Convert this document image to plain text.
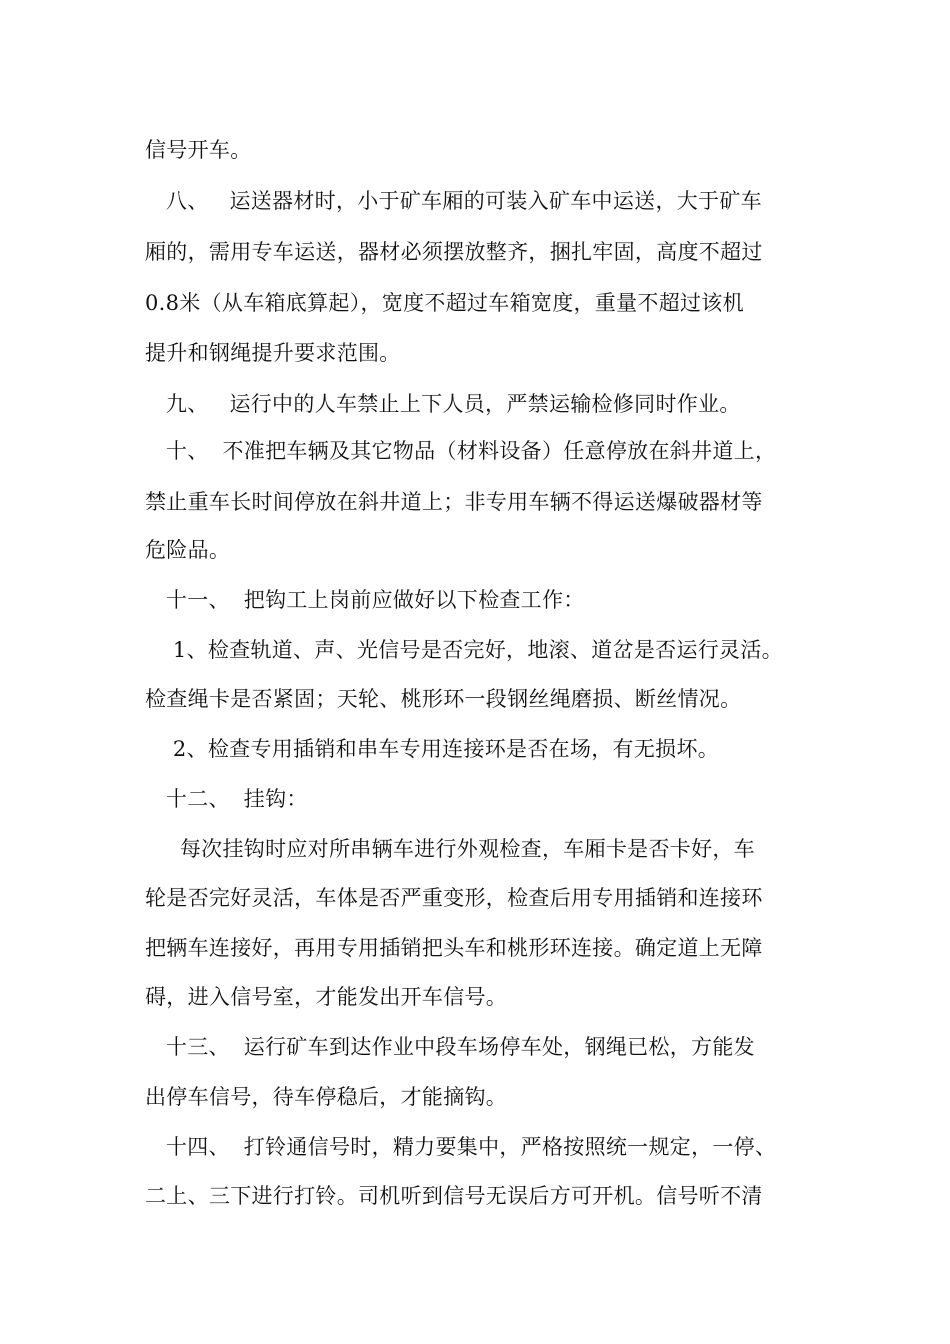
信号开车。
八、   运送器材时，小于矿车厢的可装入矿车中运送，大于矿车
厢的，需用专车运送，器材必须摆放整齐，捆扎牢固，高度不超过
0.8米（从车箱底算起），宽度不超过车箱宽度，重量不超过该机
提升和钢绳提升要求范围。
九、   运行中的人车禁止上下人员，严禁运输检修同时作业。
十、  不准把车辆及其它物品（材料设备）任意停放在斜井道上，
禁止重车长时间停放在斜井道上；非专用车辆不得运送爆破器材等
危险品。
十一、  把钩工上岗前应做好以下检查工作：
1、检查轨道、声、光信号是否完好，地滚、道岔是否运行灵活。
检查绳卡是否紧固；天轮、桃形环一段钢丝绳磨损、断丝情况。
2、检查专用插销和串车专用连接环是否在场，有无损坏。
十二、  挂钩：
每次挂钩时应对所串辆车进行外观检查，车厢卡是否卡好，车
轮是否完好灵活，车体是否严重变形，检查后用专用插销和连接环
把辆车连接好，再用专用插销把头车和桃形环连接。确定道上无障
碍，进入信号室，才能发出开车信号。
十三、  运行矿车到达作业中段车场停车处，钢绳已松，方能发
出停车信号，待车停稳后，才能摘钩。
十四、  打铃通信号时，精力要集中，严格按照统一规定，一停、
二上、三下进行打铃。司机听到信号无误后方可开机。信号听不清
